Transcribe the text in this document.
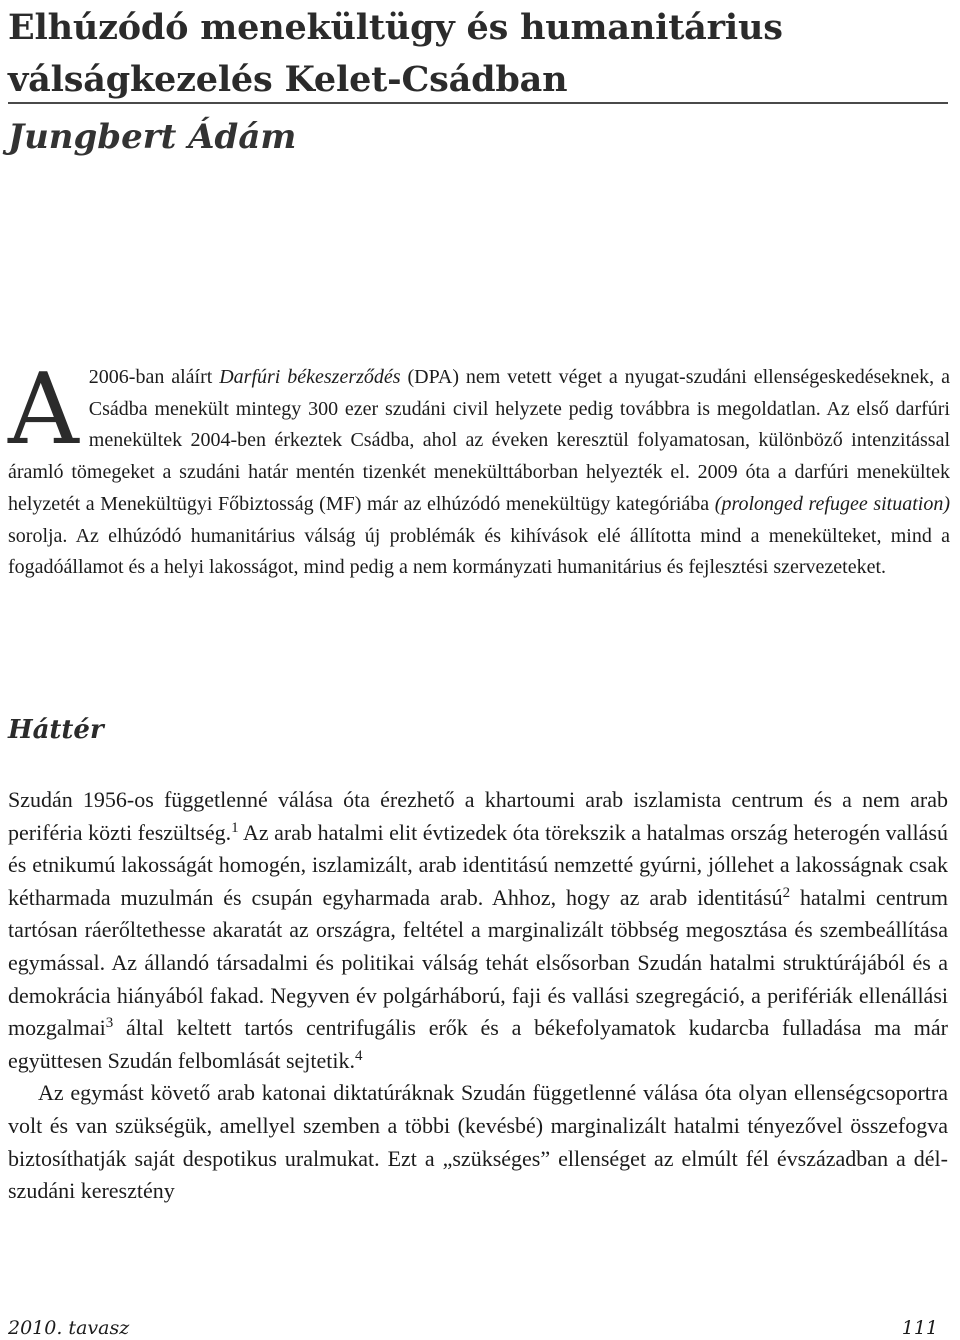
Elhúzódó menekültügy és humanitárius válságkezelés Kelet-Csádban
Jungbert Ádám

A 2006-ban aláírt Darfúri békeszerződés (DPA) nem vetett véget a nyugat-szudáni ellenségeskedéseknek, a Csádba menekült mintegy 300 ezer szudáni civil helyzete pedig továbbra is megoldatlan. Az első darfúri menekültek 2004-ben érkeztek Csádba, ahol az éveken keresztül folyamatosan, különböző intenzitással áramló tömegeket a szudáni határ mentén tizenkét menekülttáborban helyezték el. 2009 óta a darfúri menekültek helyzetét a Menekültügyi Főbiztosság (MF) már az elhúzódó menekültügy kategóriába (prolonged refugee situation) sorolja. Az elhúzódó humanitárius válság új problémák és kihívások elé állította mind a menekülteket, mind a fogadóállamot és a helyi lakosságot, mind pedig a nem kormányzati humanitárius és fejlesztési szervezeteket.

Háttér

Szudán 1956-os függetlenné válása óta érezhető a khartoumi arab iszlamista centrum és a nem arab periféria közti feszültség.$^1$ Az arab hatalmi elit évtizedek óta törekszik a hatalmas ország heterogén vallású és etnikumú lakosságát homogén, iszlamizált, arab identitású nemzetté gyúrni, jóllehet a lakosságnak csak kétharmada muzulmán és csupán egyharmada arab. Ahhoz, hogy az arab identitású$^2$ hatalmi centrum tartósan ráerőltethesse akaratát az országra, feltétel a marginalizált többség megosztása és szembeállítása egymással. Az állandó társadalmi és politikai válság tehát elsősorban Szudán hatalmi struktúrájából és a demokrácia hiányából fakad. Negyven év polgárháború, faji és vallási szegregáció, a perifériák ellenállási mozgalmai$^3$ által keltett tartós centrifugális erők és a békefolyamatok kudarcba fulladása ma már együttesen Szudán felbomlását sejtetik.$^4$

Az egymást követő arab katonai diktatúráknak Szudán függetlenné válása óta olyan ellenségcsoportra volt és van szükségük, amellyel szemben a többi (kevésbé) marginalizált hatalmi tényezővel összefogva biztosíthatják saját despotikus uralmukat. Ezt a „szükséges” ellenséget az elmúlt fél évszázadban a dél-szudáni keresztény

2010. tavasz	111
